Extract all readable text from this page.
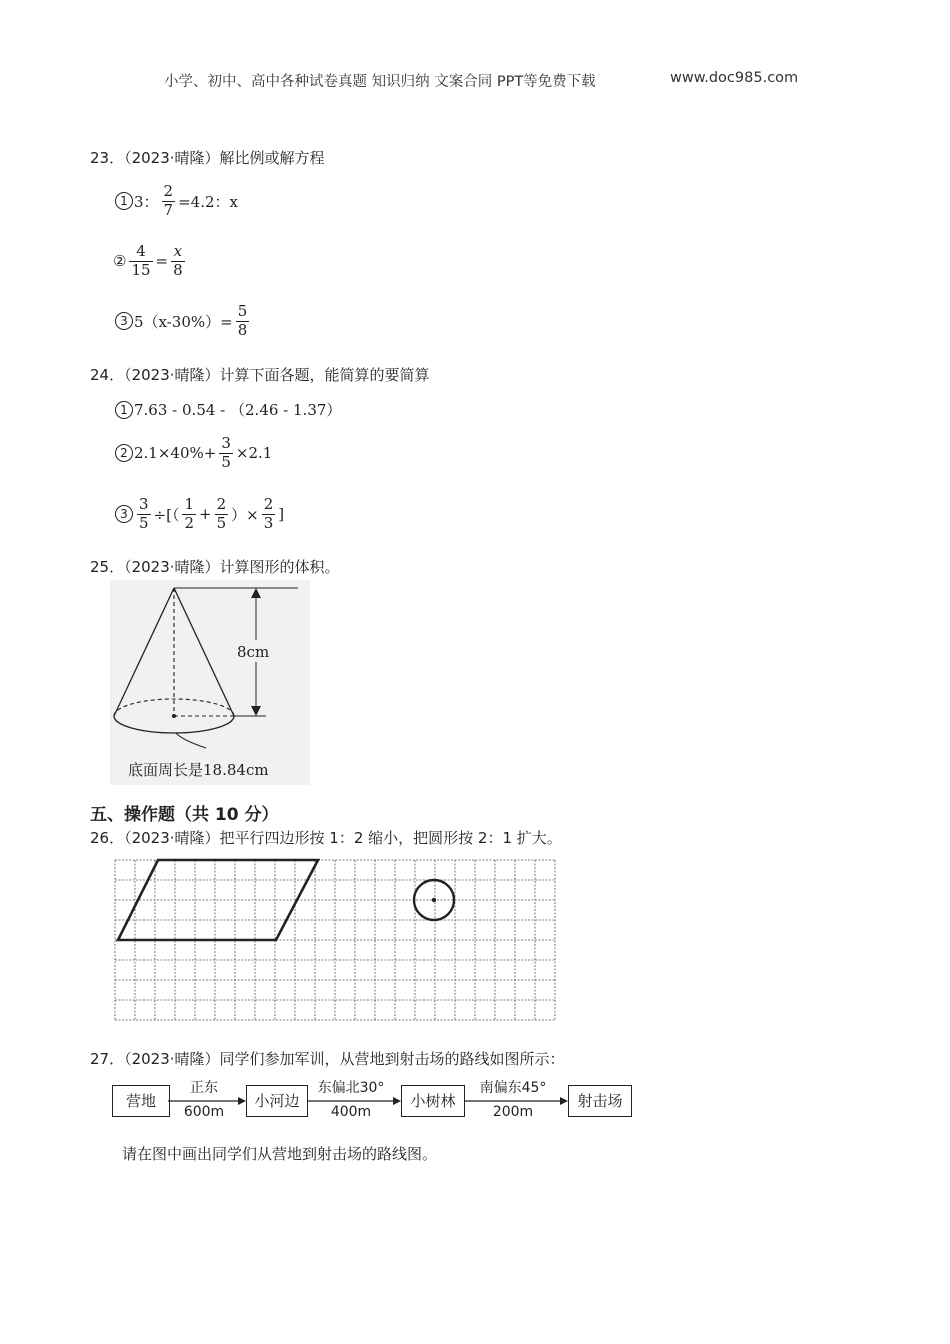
小学、初中、高中各种试卷真题 知识归纳 文案合同 PPT等免费下载	www.doc985.com
23．（2023·晴隆）解比例或解方程
1 3： $\frac{2}{7} =4.2$：x
② $\frac{4}{15} = \frac{x}{8}$
3 $5(x-30\%)= \frac{5}{8}$
24．（2023·晴隆）计算下面各题，能简算的要简算
1 7.63 - 0.54 - （2.46 - 1.37）
2 $2.1\times 40\%+ \frac{3}{5} \times 2.1$
$3 \frac{3}{5}$ ÷[（ $\frac{1}{2} + \frac{2}{5}$ ）× $\frac{2}{3}$ ]
25．（2023·晴隆）计算图形的体积。
8cm
底面周长是18.84cm
五、操作题（共 10 分）
26．（2023·晴隆）把平行四边形按 1：2 缩小，把圆形按 2：1 扩大。
27．（2023·晴隆）同学们参加军训，从营地到射击场的路线如图所示：
营地	小河边	小树林	射击场
正东
600m
东偏北30°
400m
南偏东45°
200m
请在图中画出同学们从营地到射击场的路线图。
